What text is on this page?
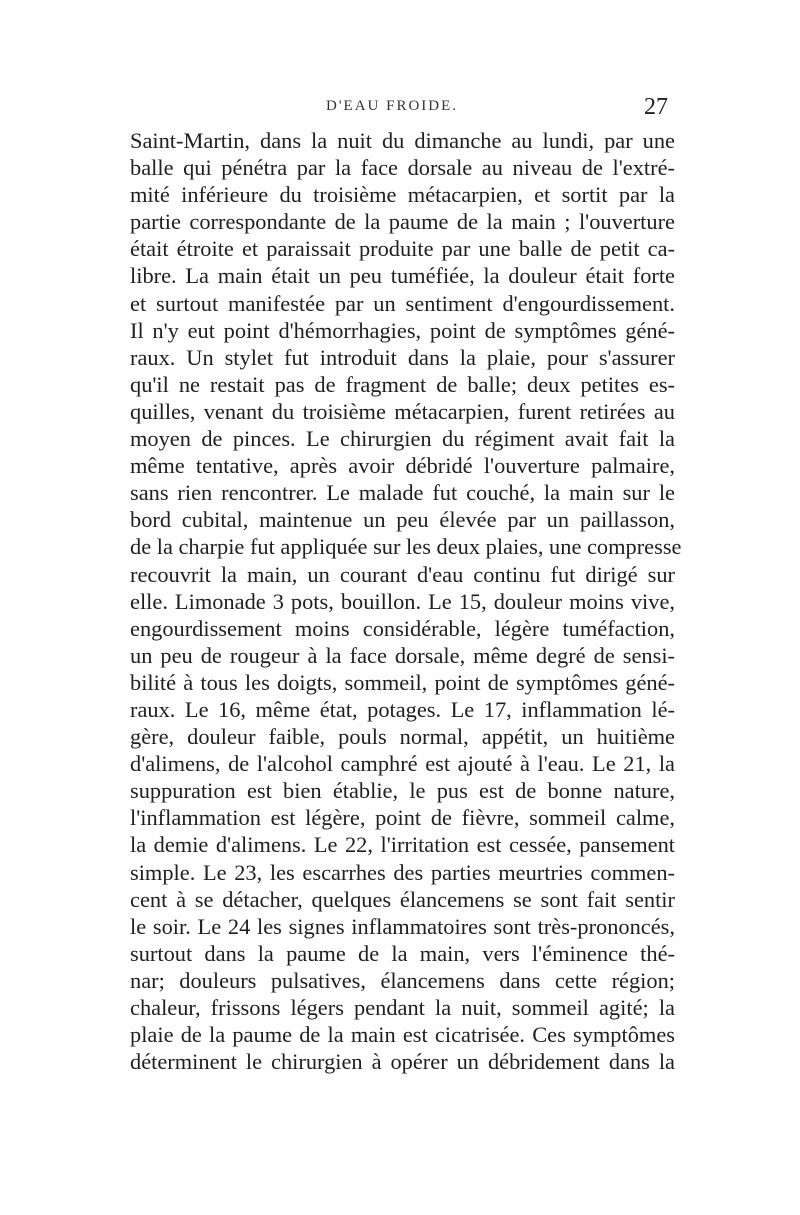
D'EAU FROIDE.	27
Saint-Martin, dans la nuit du dimanche au lundi, par une
balle qui pénétra par la face dorsale au niveau de l'extré-
mité inférieure du troisième métacarpien, et sortit par la
partie correspondante de la paume de la main ; l'ouverture
était étroite et paraissait produite par une balle de petit ca-
libre. La main était un peu tuméfiée, la douleur était forte
et surtout manifestée par un sentiment d'engourdissement.
Il n'y eut point d'hémorrhagies, point de symptômes géné-
raux. Un stylet fut introduit dans la plaie, pour s'assurer
qu'il ne restait pas de fragment de balle; deux petites es-
quilles, venant du troisième métacarpien, furent retirées au
moyen de pinces. Le chirurgien du régiment avait fait la
même tentative, après avoir débridé l'ouverture palmaire,
sans rien rencontrer. Le malade fut couché, la main sur le
bord cubital, maintenue un peu élevée par un paillasson,
de la charpie fut appliquée sur les deux plaies, une compresse
recouvrit la main, un courant d'eau continu fut dirigé sur
elle. Limonade 3 pots, bouillon. Le 15, douleur moins vive,
engourdissement moins considérable, légère tuméfaction,
un peu de rougeur à la face dorsale, même degré de sensi-
bilité à tous les doigts, sommeil, point de symptômes géné-
raux. Le 16, même état, potages. Le 17, inflammation lé-
gère, douleur faible, pouls normal, appétit, un huitième
d'alimens, de l'alcohol camphré est ajouté à l'eau. Le 21, la
suppuration est bien établie, le pus est de bonne nature,
l'inflammation est légère, point de fièvre, sommeil calme,
la demie d'alimens. Le 22, l'irritation est cessée, pansement
simple. Le 23, les escarrhes des parties meurtries commen-
cent à se détacher, quelques élancemens se sont fait sentir
le soir. Le 24 les signes inflammatoires sont très-prononcés,
surtout dans la paume de la main, vers l'éminence thé-
nar; douleurs pulsatives, élancemens dans cette région;
chaleur, frissons légers pendant la nuit, sommeil agité; la
plaie de la paume de la main est cicatrisée. Ces symptômes
déterminent le chirurgien à opérer un débridement dans la
